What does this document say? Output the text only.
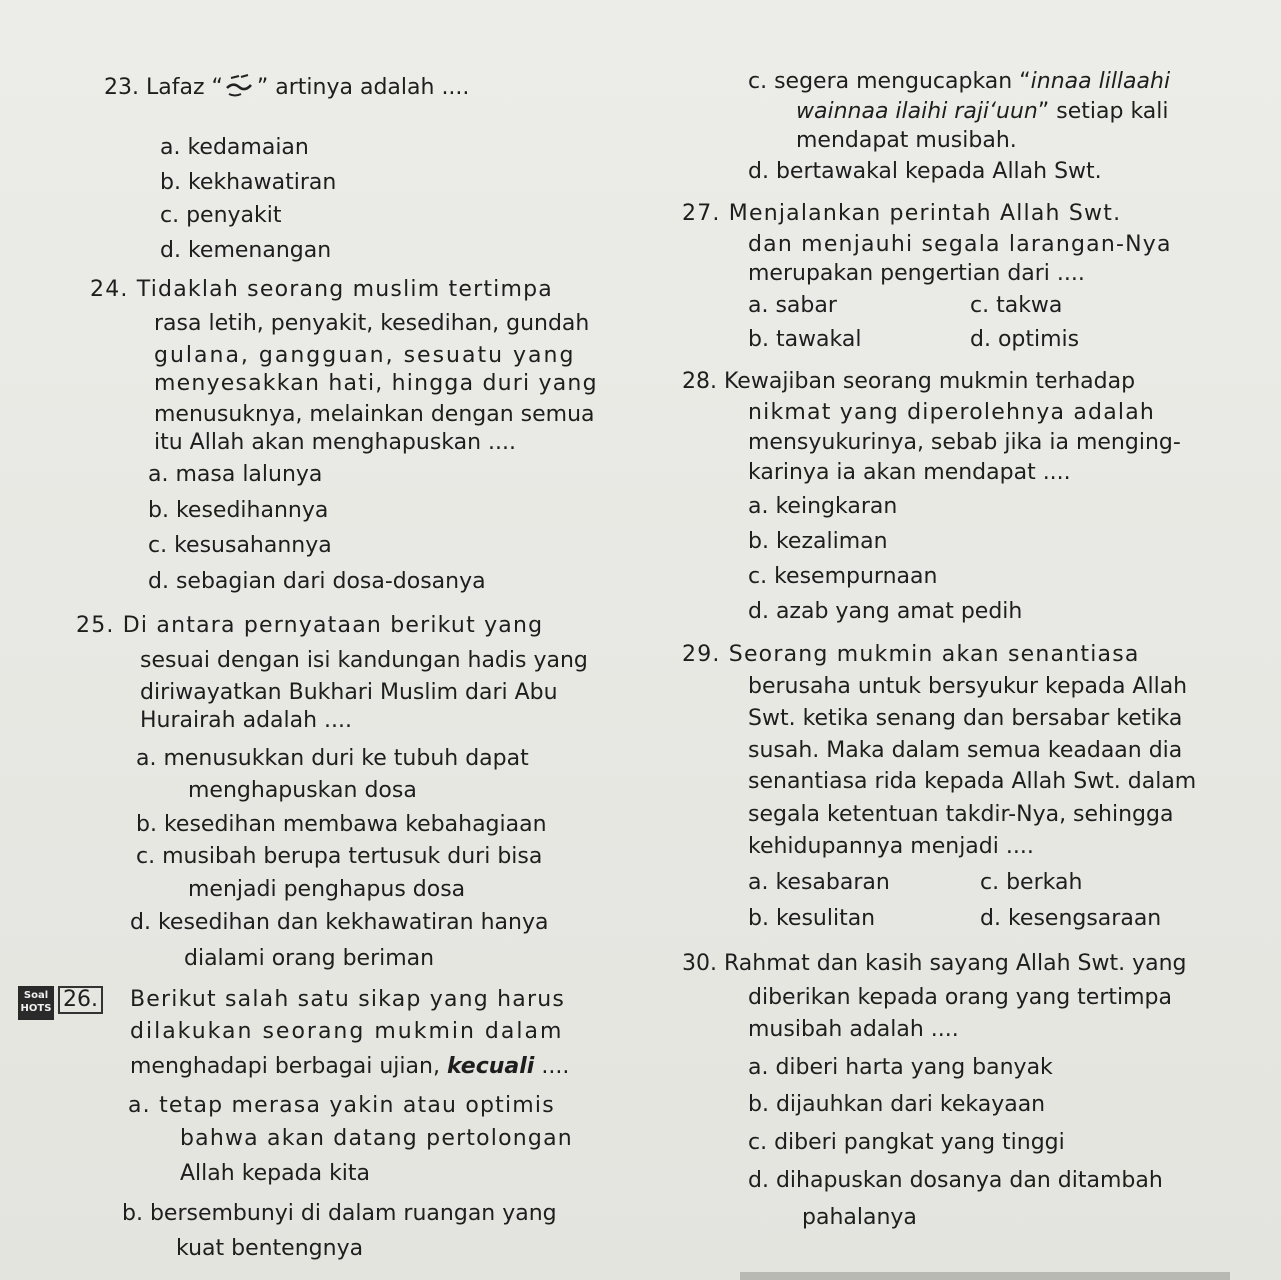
23. Lafaz “ ” artinya adalah ....
a. kedamaian
b. kekhawatiran
c. penyakit
d. kemenangan
24. Tidaklah seorang muslim tertimpa
rasa letih, penyakit, kesedihan, gundah
gulana, gangguan, sesuatu yang
menyesakkan hati, hingga duri yang
menusuknya, melainkan dengan semua
itu Allah akan menghapuskan ....
a. masa lalunya
b. kesedihannya
c. kesusahannya
d. sebagian dari dosa-dosanya
25. Di antara pernyataan berikut yang
sesuai dengan isi kandungan hadis yang
diriwayatkan Bukhari Muslim dari Abu
Hurairah adalah ....
a. menusukkan duri ke tubuh dapat
menghapuskan dosa
b. kesedihan membawa kebahagiaan
c. musibah berupa tertusuk duri bisa
menjadi penghapus dosa
d. kesedihan dan kekhawatiran hanya
dialami orang beriman
Soal
HOTS 26. Berikut salah satu sikap yang harus
dilakukan seorang mukmin dalam
menghadapi berbagai ujian, kecuali ....
a. tetap merasa yakin atau optimis
bahwa akan datang pertolongan
Allah kepada kita
b. bersembunyi di dalam ruangan yang
kuat bentengnya
c. segera mengucapkan “innaa lillaahi
wainnaa ilaihi raji‘uun” setiap kali
mendapat musibah.
d. bertawakal kepada Allah Swt.
27. Menjalankan perintah Allah Swt.
dan menjauhi segala larangan-Nya
merupakan pengertian dari ....
a. sabar	c. takwa
b. tawakal	d. optimis
28. Kewajiban seorang mukmin terhadap
nikmat yang diperolehnya adalah
mensyukurinya, sebab jika ia menging-
karinya ia akan mendapat ....
a. keingkaran
b. kezaliman
c. kesempurnaan
d. azab yang amat pedih
29. Seorang mukmin akan senantiasa
berusaha untuk bersyukur kepada Allah
Swt. ketika senang dan bersabar ketika
susah. Maka dalam semua keadaan dia
senantiasa rida kepada Allah Swt. dalam
segala ketentuan takdir-Nya, sehingga
kehidupannya menjadi ....
a. kesabaran	c. berkah
b. kesulitan	d. kesengsaraan
30. Rahmat dan kasih sayang Allah Swt. yang
diberikan kepada orang yang tertimpa
musibah adalah ....
a. diberi harta yang banyak
b. dijauhkan dari kekayaan
c. diberi pangkat yang tinggi
d. dihapuskan dosanya dan ditambah
pahalanya
